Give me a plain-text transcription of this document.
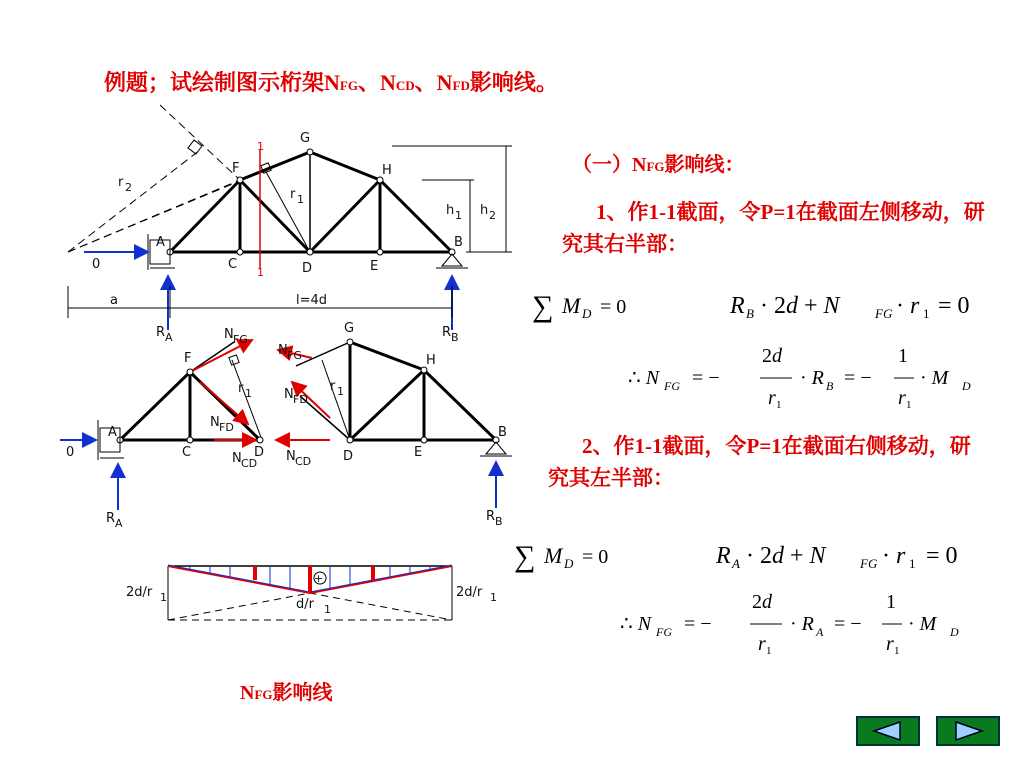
例题；试绘制图示桁架NFG、NCD、NFD影响线。
（一）NFG影响线：
1、作1-1截面，令P=1在截面左侧移动，研究其右半部：
2、作1-1截面，令P=1在截面右侧移动，研究其左半部：
NFG影响线
1
1
A
C	D	E
B
F
G
H
0
a	l=4d
r 1
r 2
h 1 h 2
R A	R B
A
C	D	D	E
B
F
G
H
0
r 1	r 1
N FG
N FD
N CD
N FG
N FD
N CD
R A	R B
+
2d/r 1	2d/r 1
d/r 1
∑ M D = 0	R B · 2d + N	FG · r 1 = 0
∴ N FG = −
2d
r 1
· R B = −
1
r 1
· M D
∑ M D = 0	R A · 2d + N	FG · r 1 = 0
∴ N FG = −
2d
r 1
· R A = −
1
r 1
· M D
